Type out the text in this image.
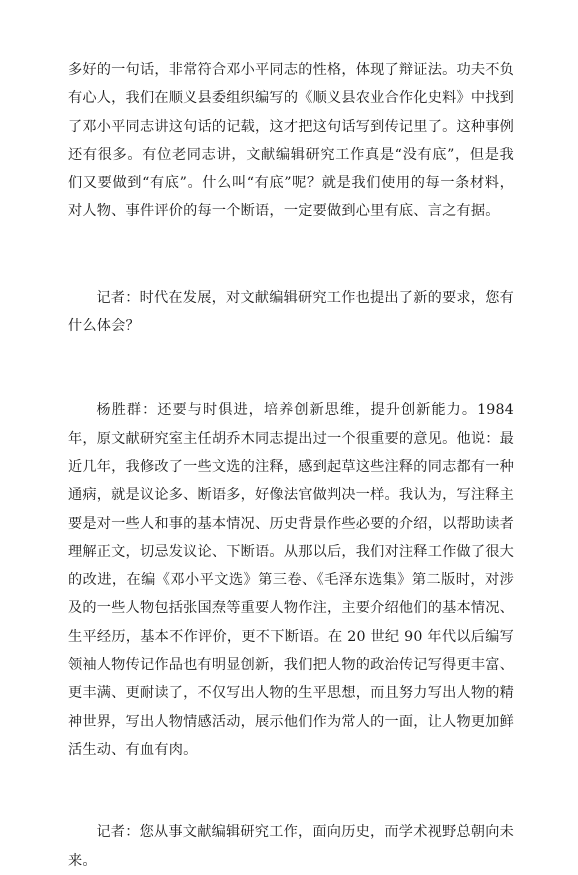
多好的一句话，非常符合邓小平同志的性格，体现了辩证法。功夫不负有心人，我们在顺义县委组织编写的《顺义县农业合作化史料》中找到了邓小平同志讲这句话的记载，这才把这句话写到传记里了。这种事例还有很多。有位老同志讲，文献编辑研究工作真是“没有底”，但是我们又要做到“有底”。什么叫“有底”呢？就是我们使用的每一条材料，对人物、事件评价的每一个断语，一定要做到心里有底、言之有据。

记者：时代在发展，对文献编辑研究工作也提出了新的要求，您有什么体会？

杨胜群：还要与时俱进，培养创新思维，提升创新能力。1984 年，原文献研究室主任胡乔木同志提出过一个很重要的意见。他说：最近几年，我修改了一些文选的注释，感到起草这些注释的同志都有一种通病，就是议论多、断语多，好像法官做判决一样。我认为，写注释主要是对一些人和事的基本情况、历史背景作些必要的介绍，以帮助读者理解正文，切忌发议论、下断语。从那以后，我们对注释工作做了很大的改进，在编《邓小平文选》第三卷、《毛泽东选集》第二版时，对涉及的一些人物包括张国焘等重要人物作注，主要介绍他们的基本情况、生平经历，基本不作评价，更不下断语。在 20 世纪 90 年代以后编写领袖人物传记作品也有明显创新，我们把人物的政治传记写得更丰富、更丰满、更耐读了，不仅写出人物的生平思想，而且努力写出人物的精神世界，写出人物情感活动，展示他们作为常人的一面，让人物更加鲜活生动、有血有肉。

记者：您从事文献编辑研究工作，面向历史，而学术视野总朝向未来。
